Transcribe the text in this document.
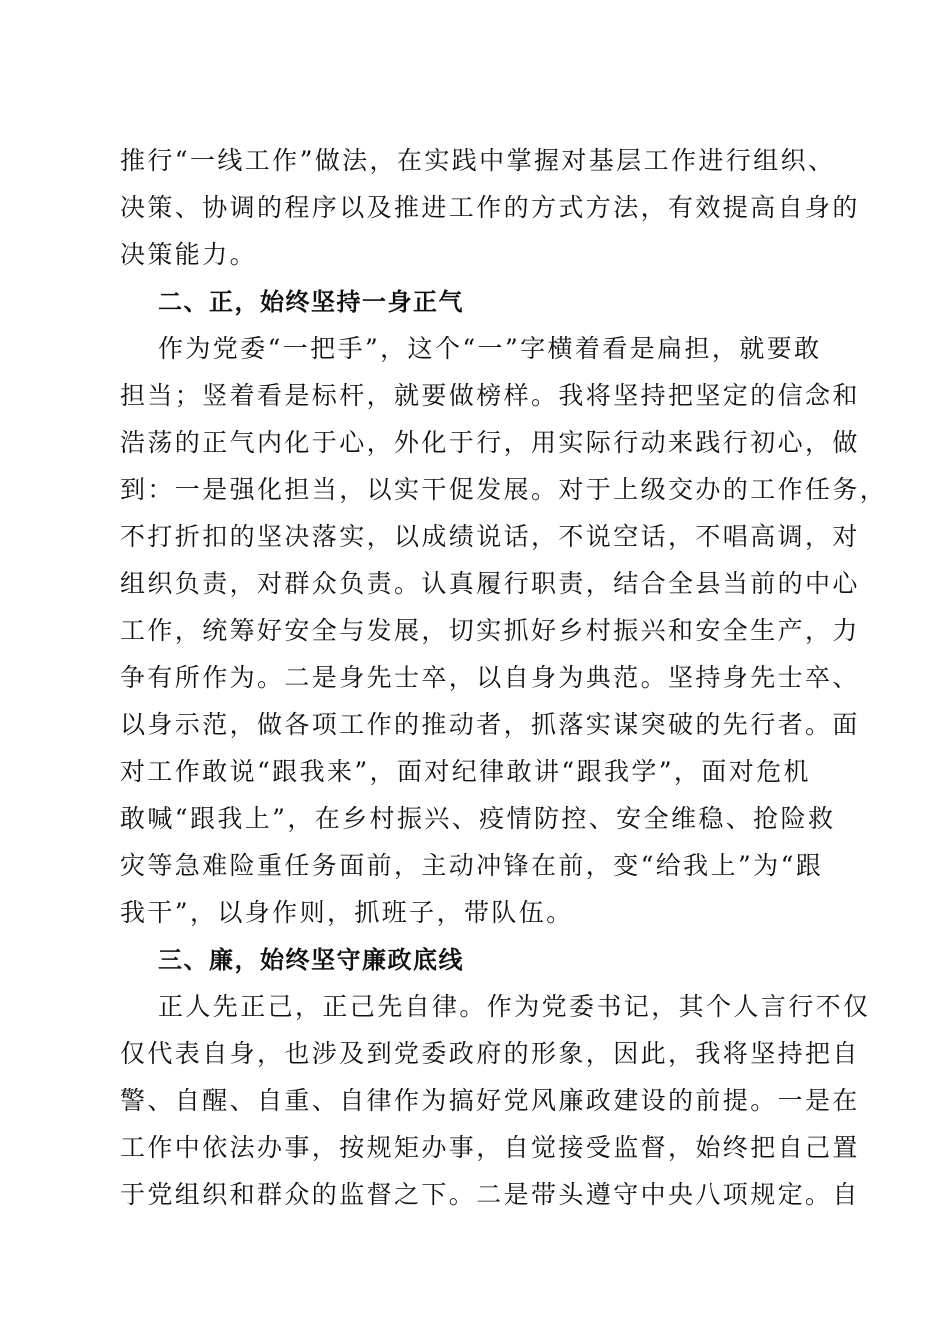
推行“一线工作”做法，在实践中掌握对基层工作进行组织、
决策、协调的程序以及推进工作的方式方法，有效提高自身的
决策能力。
二、正，始终坚持一身正气
作为党委“一把手”，这个“一”字横着看是扁担，就要敢
担当；竖着看是标杆，就要做榜样。我将坚持把坚定的信念和
浩荡的正气内化于心，外化于行，用实际行动来践行初心，做
到：一是强化担当，以实干促发展。对于上级交办的工作任务，
不打折扣的坚决落实，以成绩说话，不说空话，不唱高调，对
组织负责，对群众负责。认真履行职责，结合全县当前的中心
工作，统筹好安全与发展，切实抓好乡村振兴和安全生产，力
争有所作为。二是身先士卒，以自身为典范。坚持身先士卒、
以身示范，做各项工作的推动者，抓落实谋突破的先行者。面
对工作敢说“跟我来”，面对纪律敢讲“跟我学”，面对危机
敢喊“跟我上”，在乡村振兴、疫情防控、安全维稳、抢险救
灾等急难险重任务面前，主动冲锋在前，变“给我上”为“跟
我干”，以身作则，抓班子，带队伍。
三、廉，始终坚守廉政底线
正人先正己，正己先自律。作为党委书记，其个人言行不仅
仅代表自身，也涉及到党委政府的形象，因此，我将坚持把自
警、自醒、自重、自律作为搞好党风廉政建设的前提。一是在
工作中依法办事，按规矩办事，自觉接受监督，始终把自己置
于党组织和群众的监督之下。二是带头遵守中央八项规定。自
